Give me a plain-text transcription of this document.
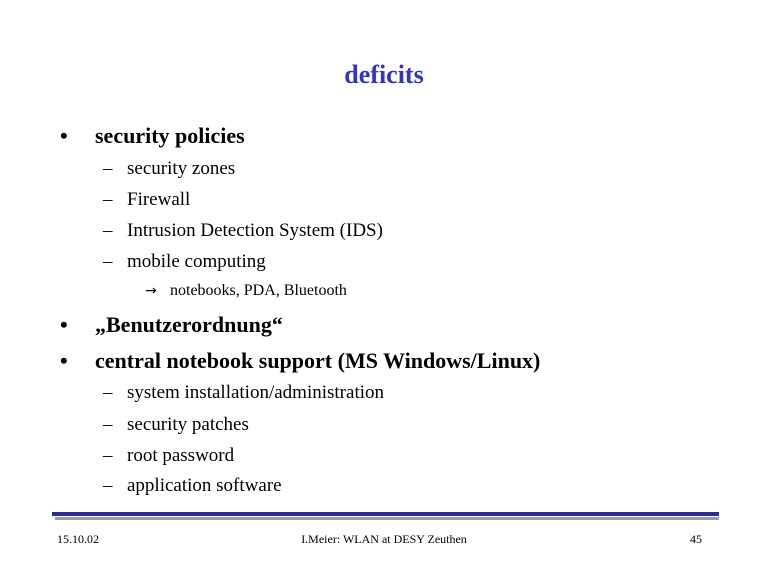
deficits
•	security policies
– security zones
– Firewall
– Intrusion Detection System (IDS)
– mobile computing
→ notebooks, PDA, Bluetooth
•	„Benutzerordnung“
•	central notebook support (MS Windows/Linux)
– system installation/administration
– security patches
– root password
– application software
15.10.02	I.Meier: WLAN at DESY Zeuthen	45
